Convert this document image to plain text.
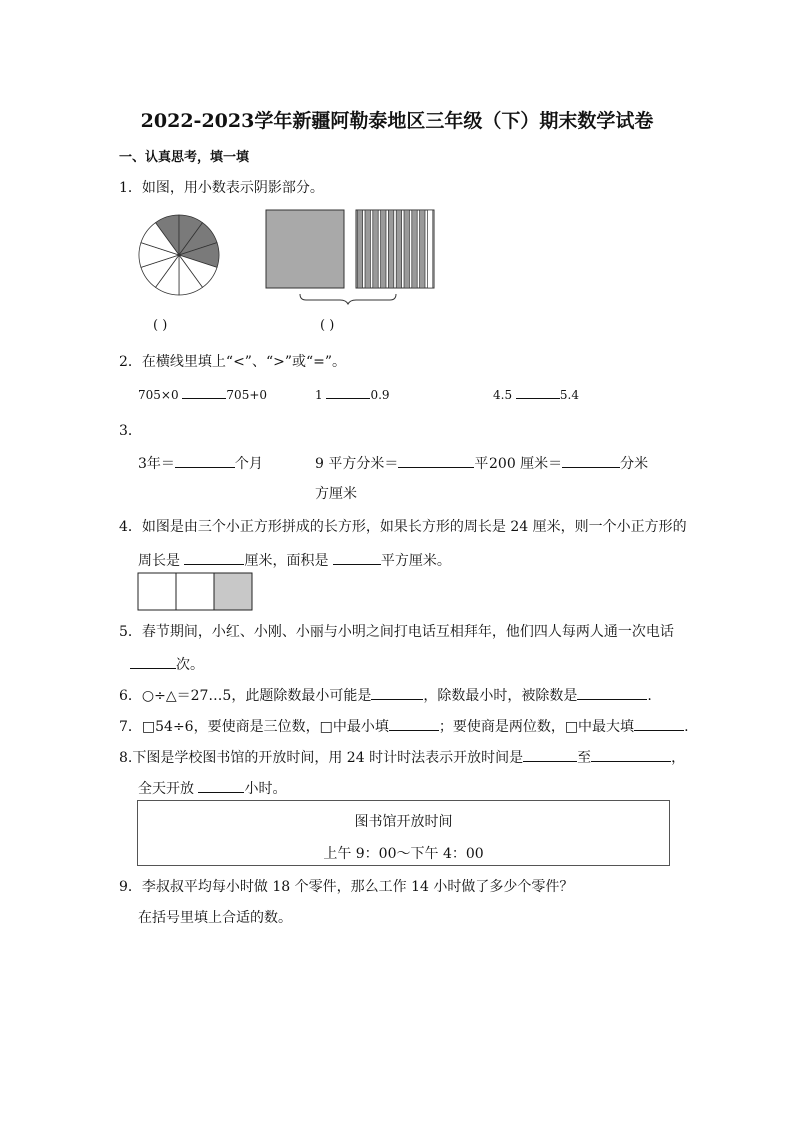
2022-2023学年新疆阿勒泰地区三年级（下）期末数学试卷
一、认真思考，填一填
1．如图，用小数表示阴影部分。
( )	( )
2．在横线里填上“<”、“>”或“=”。
705×0	705+0	1	0.9	4.5	5.4
3．
3年＝	个月	9 平方分米＝	平
方厘米
200 厘米＝	分米
4．如图是由三个小正方形拼成的长方形，如果长方形的周长是 24 厘米，则一个小正方形的
周长是	厘米，面积是	平方厘米。
5．春节期间，小红、小刚、小丽与小明之间打电话互相拜年，他们四人每两人通一次电话
次。
6．○÷△＝27…5，此题除数最小可能是	，除数最小时，被除数是	.
7．□54÷6，要使商是三位数，□中最小填	；要使商是两位数，□中最大填	.
8.下图是学校图书馆的开放时间，用 24 时计时法表示开放时间是	至	，
全天开放	小时。
图书馆开放时间
上午 9：00～下午 4：00
9．李叔叔平均每小时做 18 个零件，那么工作 14 小时做了多少个零件？
在括号里填上合适的数。
